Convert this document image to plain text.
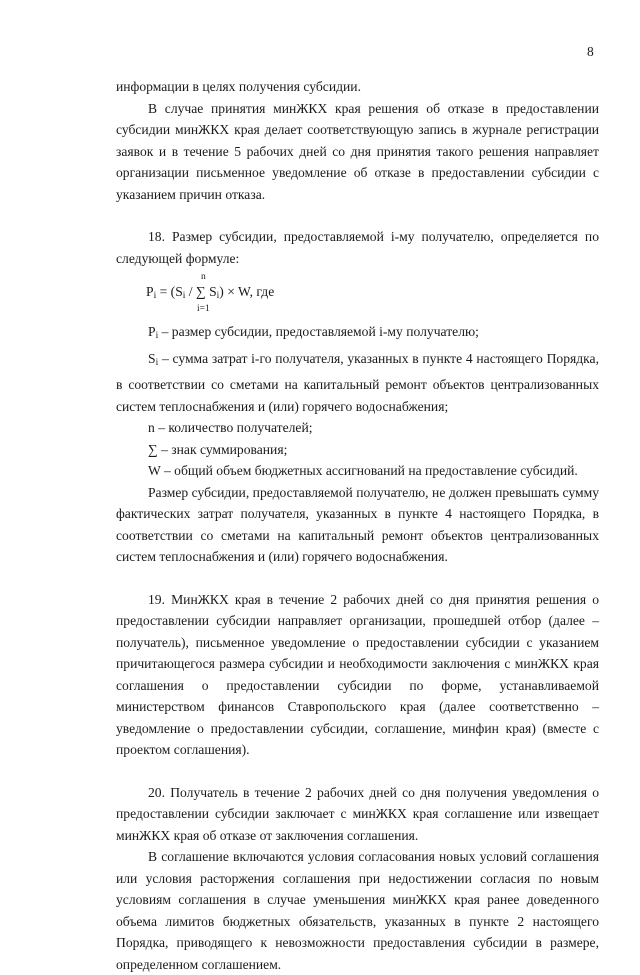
8

информации в целях получения субсидии.

В случае принятия минЖКХ края решения об отказе в предоставлении субсидии минЖКХ края делает соответствующую запись в журнале регистрации заявок и в течение 5 рабочих дней со дня принятия такого решения направляет организации письменное уведомление об отказе в предоставлении субсидии с указанием причин отказа.

18. Размер субсидии, предоставляемой i-му получателю, определяется по следующей формуле:

n
$P_i = (S_i$ / ∑ $S_i) \times W$, где
i=1

$P_i$ – размер субсидии, предоставляемой i-му получателю;

$S_i$ – сумма затрат i-го получателя, указанных в пункте 4 настоящего Порядка, в соответствии со сметами на капитальный ремонт объектов централизованных систем теплоснабжения и (или) горячего водоснабжения;

n – количество получателей;

∑ – знак суммирования;

W – общий объем бюджетных ассигнований на предоставление субсидий.

Размер субсидии, предоставляемой получателю, не должен превышать сумму фактических затрат получателя, указанных в пункте 4 настоящего Порядка, в соответствии со сметами на капитальный ремонт объектов централизованных систем теплоснабжения и (или) горячего водоснабжения.

19. МинЖКХ края в течение 2 рабочих дней со дня принятия решения о предоставлении субсидии направляет организации, прошедшей отбор (далее – получатель), письменное уведомление о предоставлении субсидии с указанием причитающегося размера субсидии и необходимости заключения с минЖКХ края соглашения о предоставлении субсидии по форме, устанавливаемой министерством финансов Ставропольского края (далее соответственно – уведомление о предоставлении субсидии, соглашение, минфин края) (вместе с проектом соглашения).

20. Получатель в течение 2 рабочих дней со дня получения уведомления о предоставлении субсидии заключает с минЖКХ края соглашение или извещает минЖКХ края об отказе от заключения соглашения.

В соглашение включаются условия согласования новых условий соглашения или условия расторжения соглашения при недостижении согласия по новым условиям соглашения в случае уменьшения минЖКХ края ранее доведенного объема лимитов бюджетных обязательств, указанных в пункте 2 настоящего Порядка, приводящего к невозможности предоставления субсидии в размере, определенном соглашением.
